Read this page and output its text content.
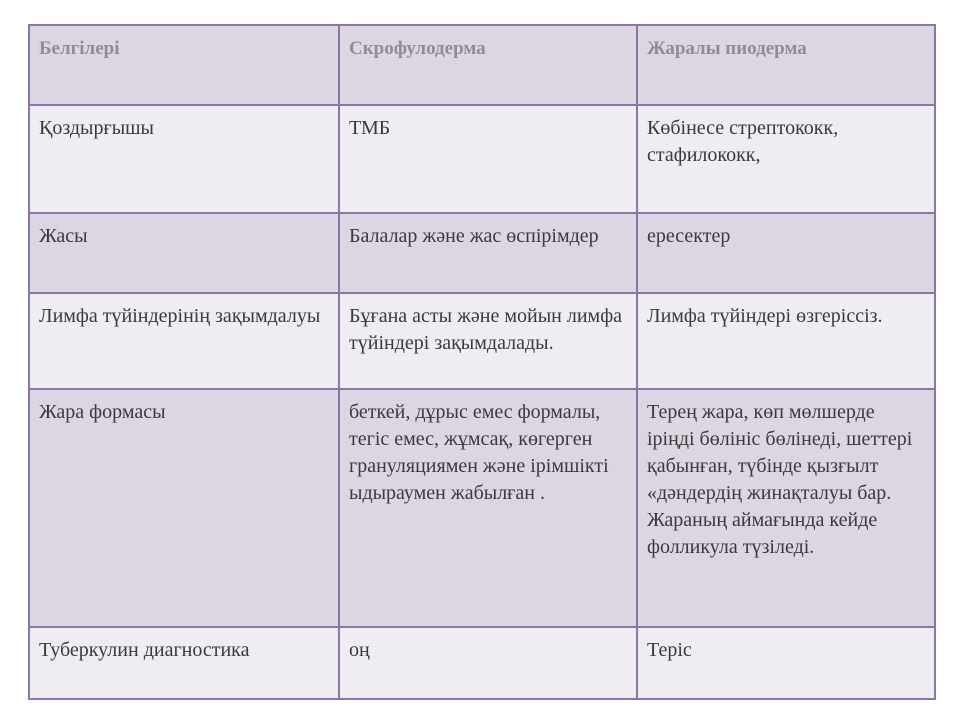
Белгілері	Скрофулодерма	Жаралы пиодерма
Қоздырғышы	ТМБ	Көбінесе стрептококк, стафилококк,
Жасы	Балалар және жас өспірімдер	ересектер
Лимфа түйіндерінің зақымдалуы	Бұғана асты және мойын лимфа түйіндері зақымдалады.	Лимфа түйіндері өзгеріссіз.
Жара формасы	беткей, дұрыс емес формалы, тегіс емес, жұмсақ, көгерген грануляциямен және ірімшікті ыдыраумен жабылған .	Терең жара, көп мөлшерде іріңді бөлініс бөлінеді, шеттері қабынған, түбінде қызғылт «дәндердің жинақталуы бар. Жараның аймағында кейде фолликула түзіледі.
Туберкулин диагностика	оң	Теріс
